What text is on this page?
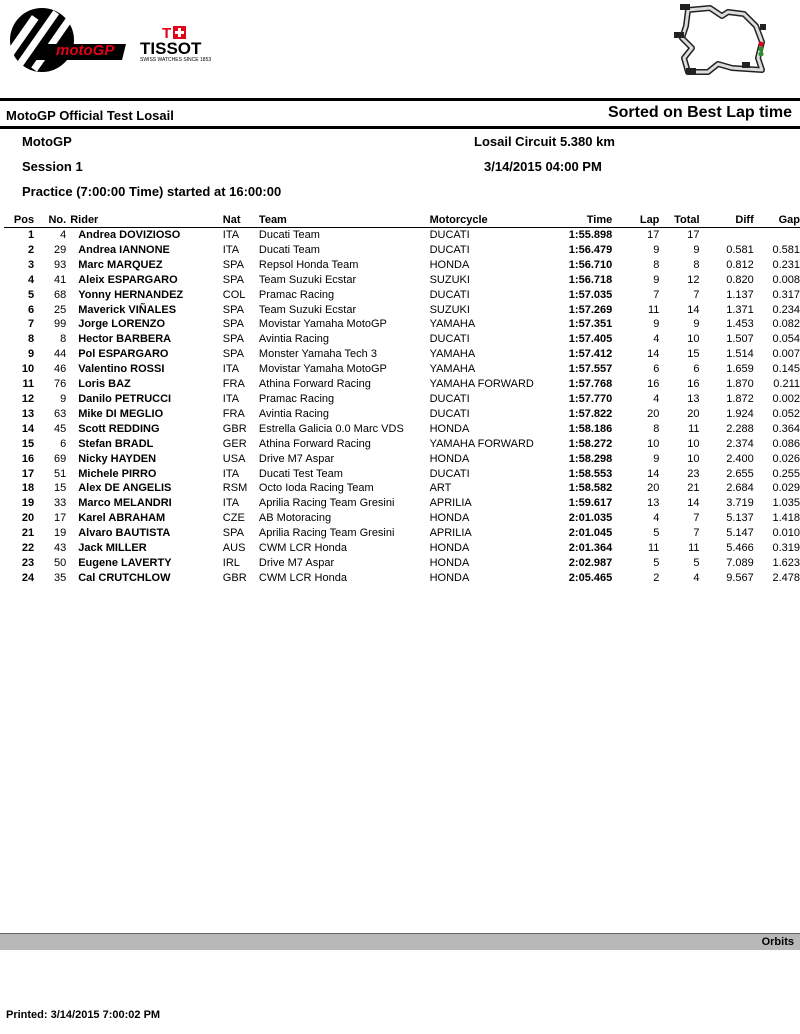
motoGP
T
TISSOT
SWISS WATCHES SINCE 1853
MotoGP Official Test Losail	Sorted on Best Lap time
MotoGP	Losail Circuit 5.380 km
Session 1	3/14/2015 04:00 PM
Practice (7:00:00 Time) started at 16:00:00
Pos	No.	Rider	Nat	Team	Motorcycle	Time	Lap	Total	Diff	Gap
1	4	Andrea DOVIZIOSO	ITA	Ducati Team	DUCATI	1:55.898	17	17		
2	29	Andrea IANNONE	ITA	Ducati Team	DUCATI	1:56.479	9	9	0.581	0.581
3	93	Marc MARQUEZ	SPA	Repsol Honda Team	HONDA	1:56.710	8	8	0.812	0.231
4	41	Aleix ESPARGARO	SPA	Team Suzuki Ecstar	SUZUKI	1:56.718	9	12	0.820	0.008
5	68	Yonny HERNANDEZ	COL	Pramac Racing	DUCATI	1:57.035	7	7	1.137	0.317
6	25	Maverick VIÑALES	SPA	Team Suzuki Ecstar	SUZUKI	1:57.269	11	14	1.371	0.234
7	99	Jorge LORENZO	SPA	Movistar Yamaha MotoGP	YAMAHA	1:57.351	9	9	1.453	0.082
8	8	Hector BARBERA	SPA	Avintia Racing	DUCATI	1:57.405	4	10	1.507	0.054
9	44	Pol ESPARGARO	SPA	Monster Yamaha Tech 3	YAMAHA	1:57.412	14	15	1.514	0.007
10	46	Valentino ROSSI	ITA	Movistar Yamaha MotoGP	YAMAHA	1:57.557	6	6	1.659	0.145
11	76	Loris BAZ	FRA	Athina Forward Racing	YAMAHA FORWARD	1:57.768	16	16	1.870	0.211
12	9	Danilo PETRUCCI	ITA	Pramac Racing	DUCATI	1:57.770	4	13	1.872	0.002
13	63	Mike DI MEGLIO	FRA	Avintia Racing	DUCATI	1:57.822	20	20	1.924	0.052
14	45	Scott REDDING	GBR	Estrella Galicia 0.0 Marc VDS	HONDA	1:58.186	8	11	2.288	0.364
15	6	Stefan BRADL	GER	Athina Forward Racing	YAMAHA FORWARD	1:58.272	10	10	2.374	0.086
16	69	Nicky HAYDEN	USA	Drive M7 Aspar	HONDA	1:58.298	9	10	2.400	0.026
17	51	Michele PIRRO	ITA	Ducati Test Team	DUCATI	1:58.553	14	23	2.655	0.255
18	15	Alex DE ANGELIS	RSM	Octo Ioda Racing Team	ART	1:58.582	20	21	2.684	0.029
19	33	Marco MELANDRI	ITA	Aprilia Racing Team Gresini	APRILIA	1:59.617	13	14	3.719	1.035
20	17	Karel ABRAHAM	CZE	AB Motoracing	HONDA	2:01.035	4	7	5.137	1.418
21	19	Alvaro BAUTISTA	SPA	Aprilia Racing Team Gresini	APRILIA	2:01.045	5	7	5.147	0.010
22	43	Jack MILLER	AUS	CWM LCR Honda	HONDA	2:01.364	11	11	5.466	0.319
23	50	Eugene LAVERTY	IRL	Drive M7 Aspar	HONDA	2:02.987	5	5	7.089	1.623
24	35	Cal CRUTCHLOW	GBR	CWM LCR Honda	HONDA	2:05.465	2	4	9.567	2.478
Orbits
Printed: 3/14/2015 7:00:02 PM
